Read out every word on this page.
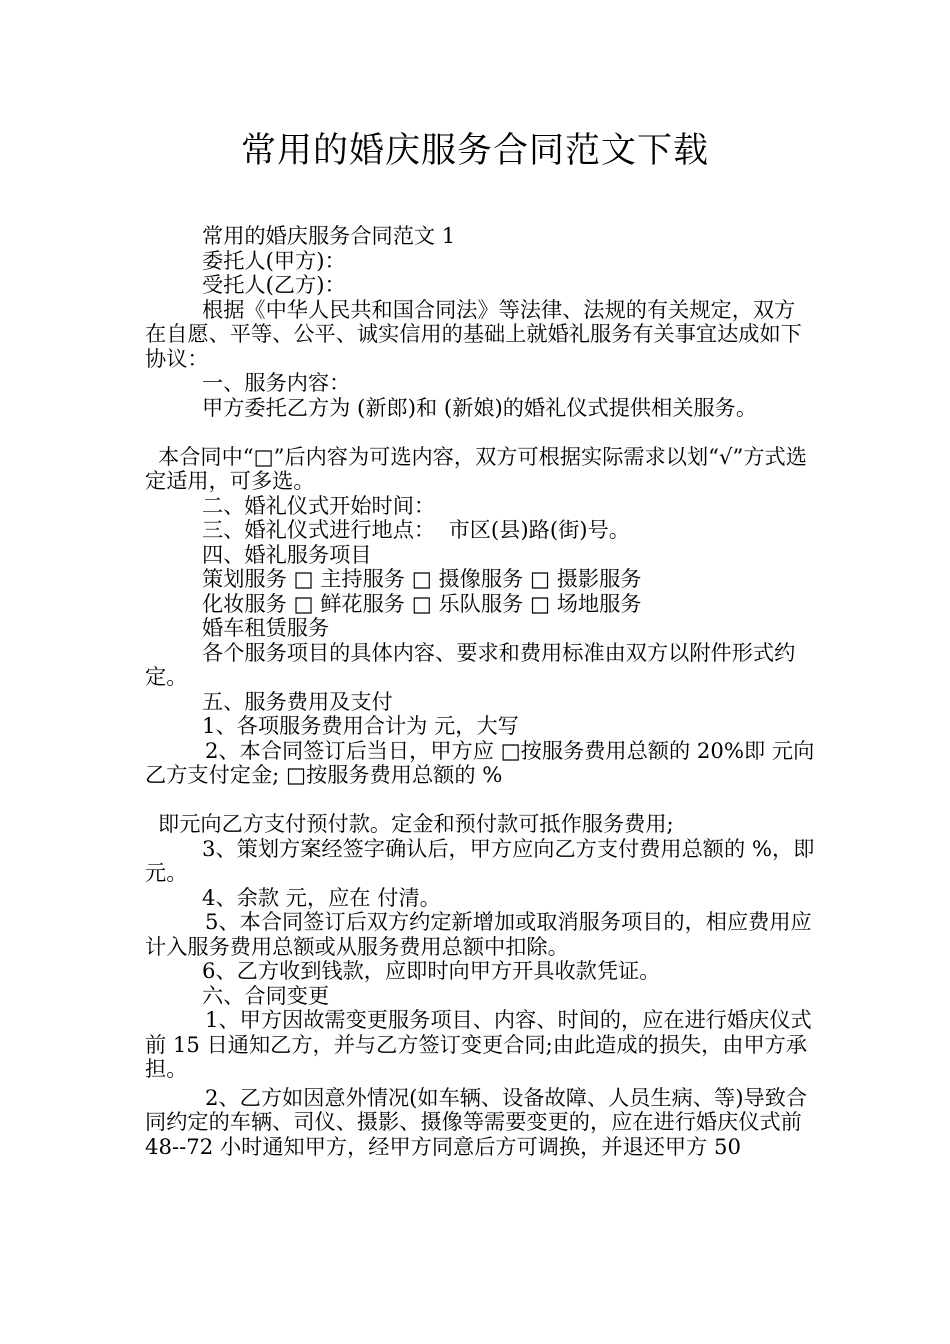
常用的婚庆服务合同范文下载
常用的婚庆服务合同范文 1
委托人(甲方)：
受托人(乙方)：
根据《中华人民共和国合同法》等法律、法规的有关规定，双方在自愿、平等、公平、诚实信用的基础上就婚礼服务有关事宜达成如下协议：
一、服务内容：
甲方委托乙方为 (新郎)和 (新娘)的婚礼仪式提供相关服务。
本合同中“□”后内容为可选内容，双方可根据实际需求以划“√”方式选定适用，可多选。
二、婚礼仪式开始时间：
三、婚礼仪式进行地点：  市区(县)路(街)号。
四、婚礼服务项目
策划服务 □ 主持服务 □ 摄像服务 □ 摄影服务
化妆服务 □ 鲜花服务 □ 乐队服务 □ 场地服务
婚车租赁服务
各个服务项目的具体内容、要求和费用标准由双方以附件形式约定。
五、服务费用及支付
1、各项服务费用合计为 元，大写
2、本合同签订后当日，甲方应 □按服务费用总额的 20%即 元向乙方支付定金; □按服务费用总额的 %
即元向乙方支付预付款。定金和预付款可抵作服务费用;
3、策划方案经签字确认后，甲方应向乙方支付费用总额的 %，即 元。
4、余款 元，应在 付清。
5、本合同签订后双方约定新增加或取消服务项目的，相应费用应计入服务费用总额或从服务费用总额中扣除。
6、乙方收到钱款，应即时向甲方开具收款凭证。
六、合同变更
1、甲方因故需变更服务项目、内容、时间的，应在进行婚庆仪式前 15 日通知乙方，并与乙方签订变更合同;由此造成的损失，由甲方承担。
2、乙方如因意外情况(如车辆、设备故障、人员生病、等)导致合同约定的车辆、司仪、摄影、摄像等需要变更的，应在进行婚庆仪式前 48--72 小时通知甲方，经甲方同意后方可调换，并退还甲方 50
